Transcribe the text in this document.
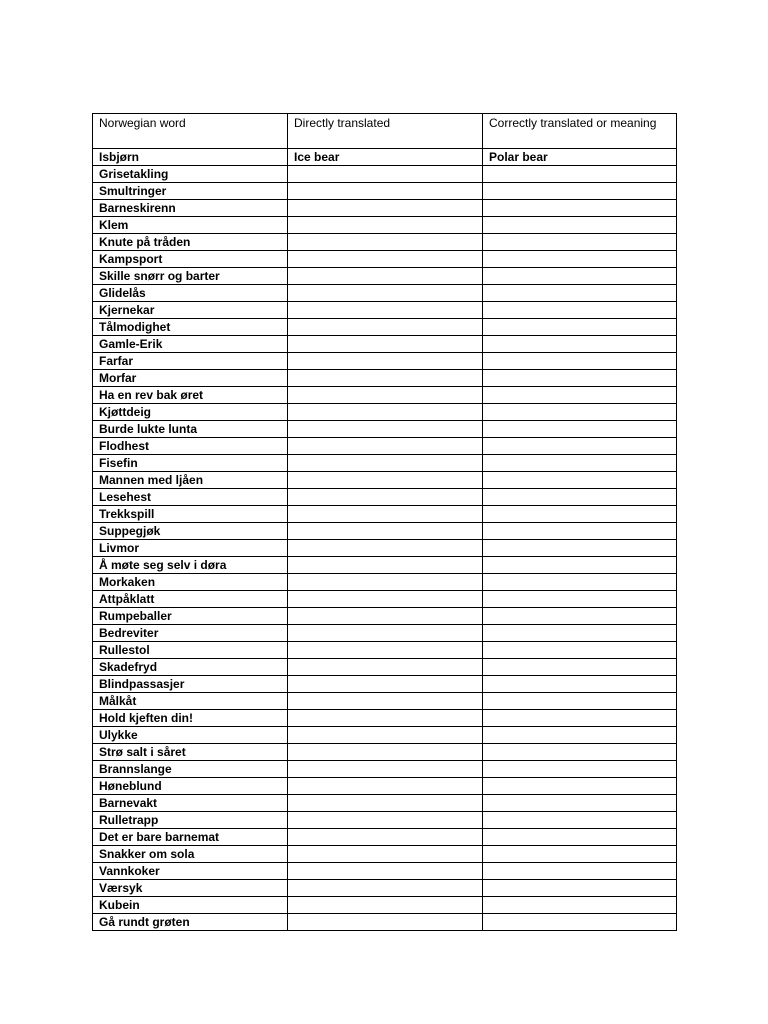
Norwegian word	Directly translated	Correctly translated or meaning
Isbjørn	Ice bear	Polar bear
Grisetakling		
Smultringer		
Barneskirenn		
Klem		
Knute på tråden		
Kampsport		
Skille snørr og barter		
Glidelås		
Kjernekar		
Tålmodighet		
Gamle-Erik		
Farfar		
Morfar		
Ha en rev bak øret		
Kjøttdeig		
Burde lukte lunta		
Flodhest		
Fisefin		
Mannen med ljåen		
Lesehest		
Trekkspill		
Suppegjøk		
Livmor		
Å møte seg selv i døra		
Morkaken		
Attpåklatt		
Rumpeballer		
Bedreviter		
Rullestol		
Skadefryd		
Blindpassasjer		
Målkåt		
Hold kjeften din!		
Ulykke		
Strø salt i såret		
Brannslange		
Høneblund		
Barnevakt		
Rulletrapp		
Det er bare barnemat		
Snakker om sola		
Vannkoker		
Værsyk		
Kubein		
Gå rundt grøten		
